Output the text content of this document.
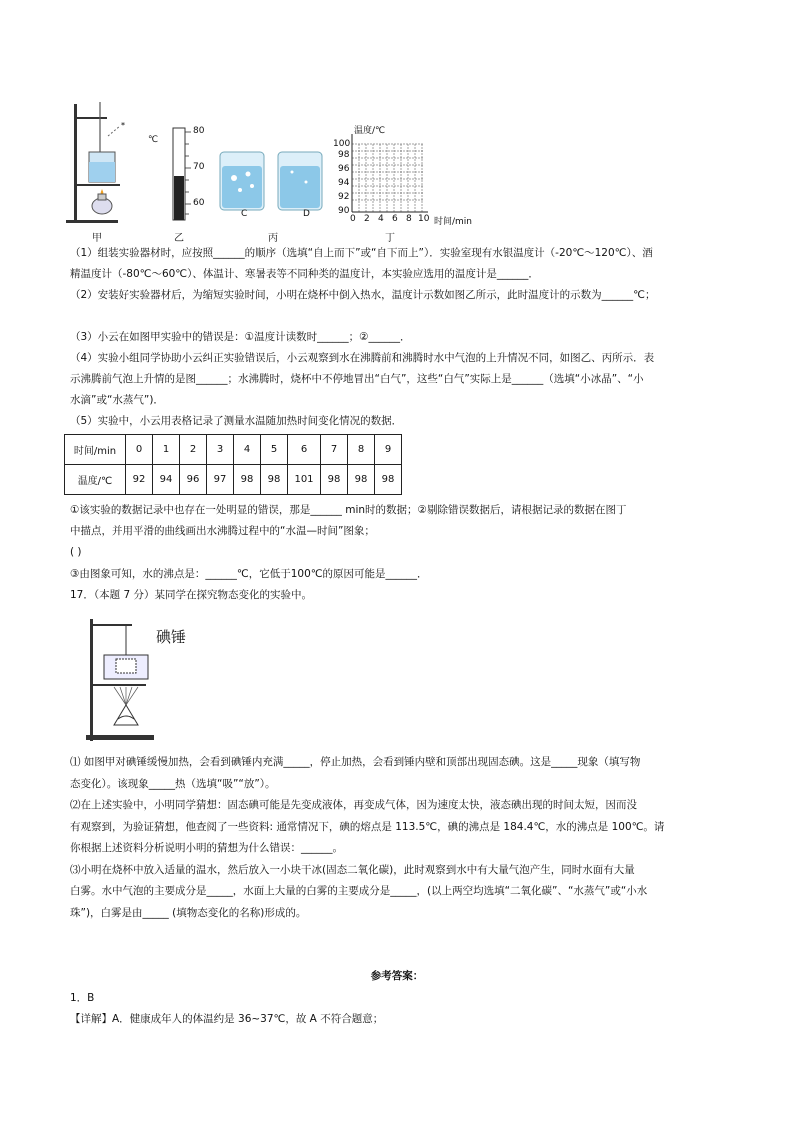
*
℃
80
70
60
C	D
温度/℃
100
98
96
94
92
90
0 2 4 6 8 10 时间/min
甲	乙	丙	丁
（1）组装实验器材时，应按照______的顺序（选填“自上而下”或“自下而上”）．实验室现有水银温度计（-20℃～120℃）、酒
精温度计（-80℃～60℃）、体温计、寒暑表等不同种类的温度计，本实验应选用的温度计是______．
（2）安装好实验器材后，为缩短实验时间，小明在烧杯中倒入热水，温度计示数如图乙所示，此时温度计的示数为______℃；
（3）小云在如图甲实验中的错误是：①温度计读数时______；②______．
（4）实验小组同学协助小云纠正实验错误后，小云观察到水在沸腾前和沸腾时水中气泡的上升情况不同，如图乙、丙所示．表
示沸腾前气泡上升情的是图______；水沸腾时，烧杯中不停地冒出“白气”，这些“白气”实际上是______（选填“小冰晶”、“小
水滴”或“水蒸气”)．
（5）实验中，小云用表格记录了测量水温随加热时间变化情况的数据．
时间/min	0	1	2	3	4	5	6	7	8	9
温度/℃	92	94	96	97	98	98	101	98	98	98
①该实验的数据记录中也存在一处明显的错误，那是______ min时的数据；②剔除错误数据后，请根据记录的数据在图丁
中描点，并用平滑的曲线画出水沸腾过程中的“水温—时间”图象；
( )
③由图象可知，水的沸点是：______℃，它低于100℃的原因可能是______．
17．（本题 7 分）某同学在探究物态变化的实验中。
碘锤
⑴ 如图甲对碘锤缓慢加热，会看到碘锤内充满_____，停止加热，会看到锤内壁和顶部出现固态碘。这是_____现象（填写物
态变化）。该现象_____热（选填“吸”“放”）。
⑵在上述实验中，小明同学猜想：固态碘可能是先变成液体，再变成气体，因为速度太快，液态碘出现的时间太短，因而没
有观察到，为验证猜想，他查阅了一些资料: 通常情况下，碘的熔点是 113.5℃，碘的沸点是 184.4℃，水的沸点是 100℃。请
你根据上述资料分析说明小明的猜想为什么错误：______。
⑶小明在烧杯中放入适量的温水，然后放入一小块干冰(固态二氧化碳)，此时观察到水中有大量气泡产生，同时水面有大量
白雾。水中气泡的主要成分是_____，水面上大量的白雾的主要成分是_____，(以上两空均选填“二氧化碳”、“水蒸气”或“小水
珠”)，白雾是由_____ (填物态变化的名称)形成的。
参考答案：
1．B
【详解】A．健康成年人的体温约是 36~37℃，故 A 不符合题意；
